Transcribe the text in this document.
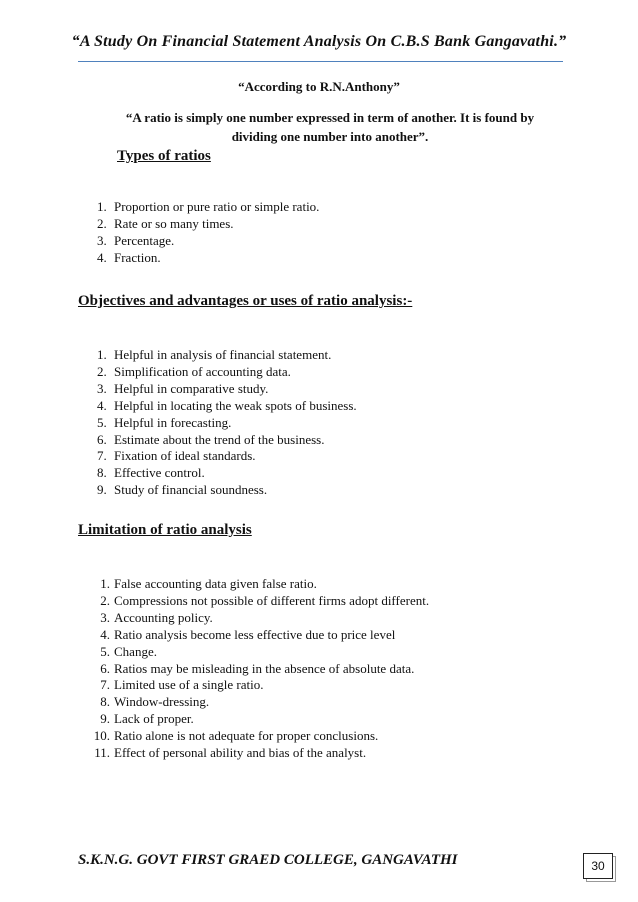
“A Study On Financial Statement Analysis On C.B.S Bank Gangavathi.”
“According to R.N.Anthony”
“A ratio is simply one number expressed in term of another. It is found by dividing one number into another”.
Types of ratios
1. Proportion or pure ratio or simple ratio.
2. Rate or so many times.
3. Percentage.
4. Fraction.
Objectives and advantages or uses of ratio analysis:-
1. Helpful in analysis of financial statement.
2. Simplification of accounting data.
3. Helpful in comparative study.
4. Helpful in locating the weak spots of business.
5. Helpful in forecasting.
6. Estimate about the trend of the business.
7. Fixation of ideal standards.
8. Effective control.
9. Study of financial soundness.
Limitation of ratio analysis
1. False accounting data given false ratio.
2. Compressions not possible of different firms adopt different.
3. Accounting policy.
4. Ratio analysis become less effective due to price level
5. Change.
6. Ratios may be misleading in the absence of absolute data.
7. Limited use of a single ratio.
8. Window-dressing.
9. Lack of proper.
10. Ratio alone is not adequate for proper conclusions.
11. Effect of personal ability and bias of the analyst.
S.K.N.G. GOVT FIRST GRAED COLLEGE, GANGAVATHI	30
